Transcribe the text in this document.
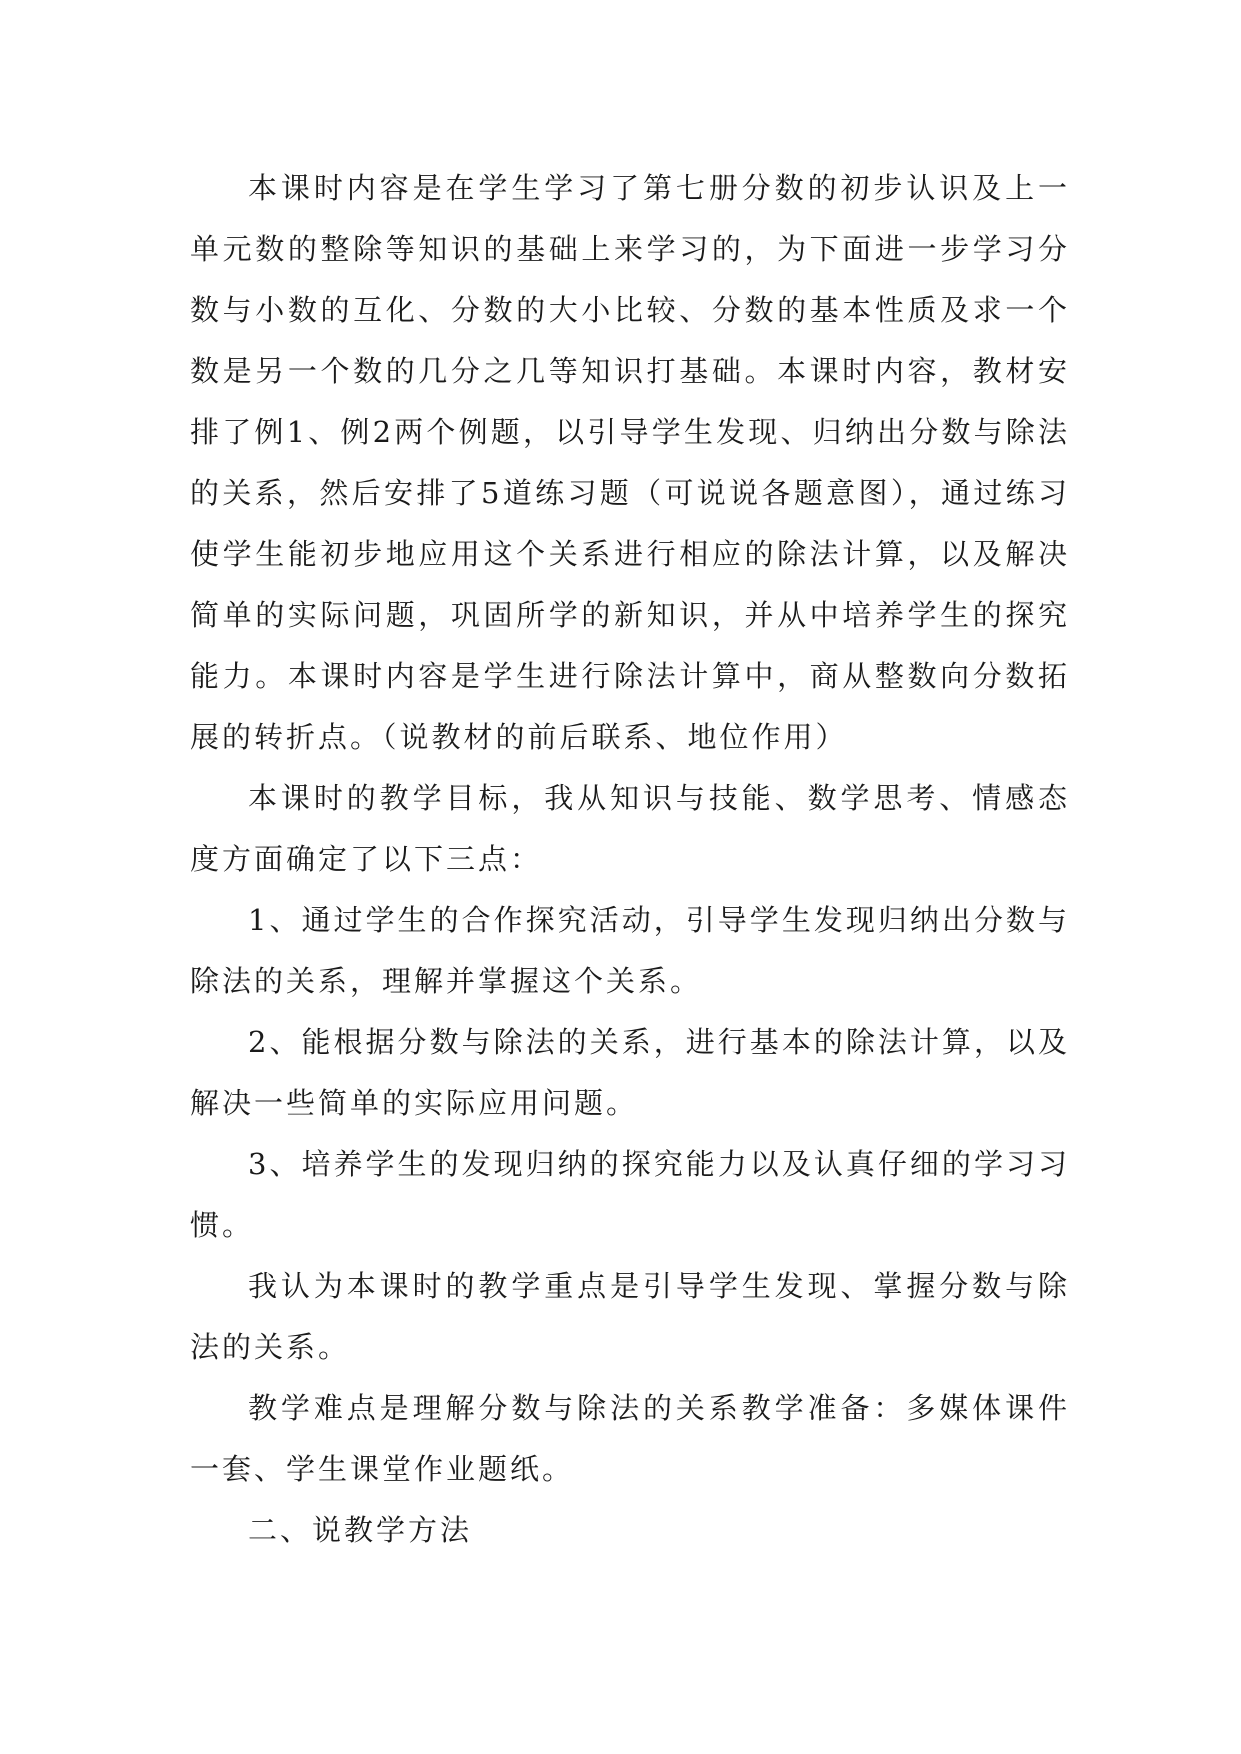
本课时内容是在学生学习了第七册分数的初步认识及上一单元数的整除等知识的基础上来学习的，为下面进一步学习分数与小数的互化、分数的大小比较、分数的基本性质及求一个数是另一个数的几分之几等知识打基础。本课时内容，教材安排了例1、例2两个例题，以引导学生发现、归纳出分数与除法的关系，然后安排了5道练习题（可说说各题意图），通过练习使学生能初步地应用这个关系进行相应的除法计算，以及解决简单的实际问题，巩固所学的新知识，并从中培养学生的探究能力。本课时内容是学生进行除法计算中，商从整数向分数拓展的转折点。（说教材的前后联系、地位作用）

本课时的教学目标，我从知识与技能、数学思考、情感态度方面确定了以下三点：

1、通过学生的合作探究活动，引导学生发现归纳出分数与除法的关系，理解并掌握这个关系。

2、能根据分数与除法的关系，进行基本的除法计算，以及解决一些简单的实际应用问题。

3、培养学生的发现归纳的探究能力以及认真仔细的学习习惯。

我认为本课时的教学重点是引导学生发现、掌握分数与除法的关系。

教学难点是理解分数与除法的关系教学准备：多媒体课件一套、学生课堂作业题纸。

二、说教学方法
